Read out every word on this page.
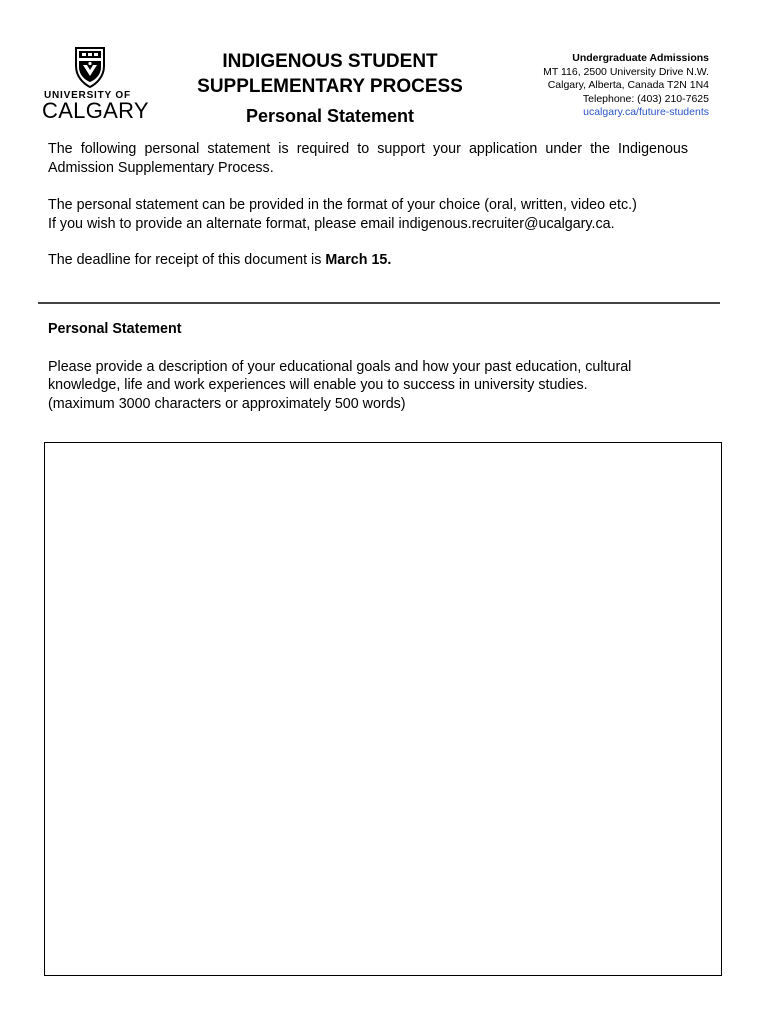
UNIVERSITY OF
CALGARY
INDIGENOUS STUDENT
SUPPLEMENTARY PROCESS
Personal Statement
Undergraduate Admissions
MT 116, 2500 University Drive N.W.
Calgary, Alberta, Canada T2N 1N4
Telephone: (403) 210-7625
ucalgary.ca/future-students

The following personal statement is required to support your application under the Indigenous Admission Supplementary Process.

The personal statement can be provided in the format of your choice (oral, written, video etc.)
If you wish to provide an alternate format, please email indigenous.recruiter@ucalgary.ca.

The deadline for receipt of this document is March 15.

Personal Statement

Please provide a description of your educational goals and how your past education, cultural
knowledge, life and work experiences will enable you to success in university studies.
(maximum 3000 characters or approximately 500 words)
